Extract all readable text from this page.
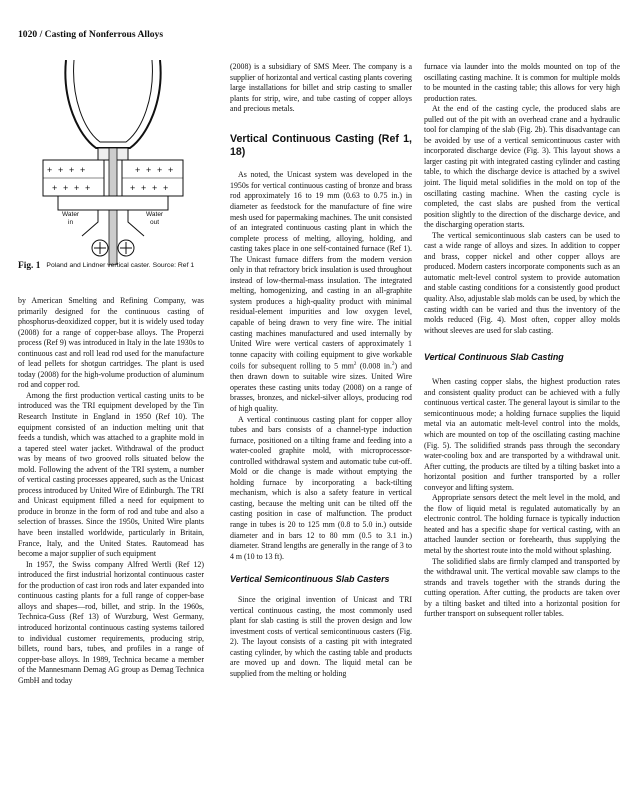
1020 / Casting of Nonferrous Alloys
+ + + +	+ + + +
+ + + +	+ + + +
Water
in
Water
out
Fig. 1 Poland and Lindner vertical caster. Source: Ref 1

by American Smelting and Refining Company, was primarily designed for the continuous casting of phosphorus-deoxidized copper, but it is widely used today (2008) for a range of copper-base alloys. The Properzi process (Ref 9) was introduced in Italy in the late 1930s to continuous cast and roll lead rod used for the manufacture of lead pellets for shotgun cartridges. The plant is used today (2008) for the high-volume production of aluminum rod and copper rod.

Among the first production vertical casting units to be introduced was the TRI equipment developed by the Tin Research Institute in England in 1950 (Ref 10). The equipment consisted of an induction melting unit that feeds a tundish, which was attached to a graphite mold in a tapered steel water jacket. Withdrawal of the product was by means of two grooved rolls situated below the mold. Following the advent of the TRI system, a number of vertical casting processes appeared, such as the Unicast process introduced by United Wire of Edinburgh. The TRI and Unicast equipment filled a need for equipment to produce in bronze in the form of rod and tube and also a selection of brasses. Since the 1950s, United Wire plants have been installed worldwide, particularly in Britain, France, Italy, and the United States. Rautomead has become a major supplier of such equipment

In 1957, the Swiss company Alfred Wertli (Ref 12) introduced the first industrial horizontal continuous caster for the production of cast iron rods and later expanded into continuous casting plants for a full range of copper-base alloys and shapes—rod, billet, and strip. In the 1960s, Technica-Guss (Ref 13) of Wurzburg, West Germany, introduced horizontal continuous casting systems tailored to individual customer requirements, producing strip, billets, round bars, tubes, and profiles in a range of copper-base alloys. In 1989, Technica became a member of the Mannesmann Demag AG group as Demag Technica GmbH and today

(2008) is a subsidiary of SMS Meer. The company is a supplier of horizontal and vertical casting plants covering large installations for billet and strip casting to smaller plants for strip, wire, and tube casting of copper alloys and precious metals.

Vertical Continuous Casting (Ref 1, 18)

As noted, the Unicast system was developed in the 1950s for vertical continuous casting of bronze and brass rod approximately 16 to 19 mm (0.63 to 0.75 in.) in diameter as feedstock for the manufacture of fine wire mesh used for papermaking machines. The unit consisted of an integrated continuous casting plant in which the complete process of melting, alloying, holding, and casting takes place in one self-contained furnace (Ref 1). The Unicast furnace differs from the modern version only in that refractory brick insulation is used throughout instead of low-thermal-mass insulation. The integrated melting, homogenizing, and casting in an all-graphite system produces a high-quality product with minimal residual-element impurities and low oxygen level, capable of being drawn to very fine wire. The initial casting machines manufactured and used internally by United Wire were vertical casters of approximately 1 tonne capacity with coiling equipment to give workable coils for subsequent rolling to 5 $mm^2$ (0.008 in.$^2$) and then drawn down to suitable wire sizes. United Wire operates these casting units today (2008) on a range of brasses, bronzes, and nickel-silver alloys, producing rod of high quality.

A vertical continuous casting plant for copper alloy tubes and bars consists of a channel-type induction furnace, positioned on a tilting frame and feeding into a water-cooled graphite mold, with microprocessor-controlled withdrawal system and automatic tube cut-off. Mold or die change is made without emptying the holding furnace by incorporating a back-tilting mechanism, which is also a safety feature in vertical casting, because the melting unit can be tilted off the casting position in case of malfunction. The product range in tubes is 20 to 125 mm (0.8 to 5.0 in.) outside diameter and in bars 12 to 80 mm (0.5 to 3.1 in.) diameter. Strand lengths are generally in the range of 3 to 4 m (10 to 13 ft).

Vertical Semicontinuous Slab Casters

Since the original invention of Unicast and TRI vertical continuous casting, the most commonly used plant for slab casting is still the proven design and low investment costs of vertical semicontinuous casters (Fig. 2). The layout consists of a casting pit with integrated casting cylinder, by which the casting table and products are moved up and down. The liquid metal can be supplied from the melting or holding

furnace via launder into the molds mounted on top of the oscillating casting machine. It is common for multiple molds to be mounted in the casting table; this allows for very high production rates.

At the end of the casting cycle, the produced slabs are pulled out of the pit with an overhead crane and a hydraulic tool for clamping of the slab (Fig. 2b). This disadvantage can be avoided by use of a vertical semicontinuous caster with incorporated discharge device (Fig. 3). This layout shows a larger casting pit with integrated casting cylinder and casting table, to which the discharge device is attached by a swivel joint. The liquid metal solidifies in the mold on top of the oscillating casting machine. When the casting cycle is completed, the cast slabs are pushed from the vertical position slightly to the direction of the discharge device, and the discharging operation starts.

The vertical semicontinuous slab casters can be used to cast a wide range of alloys and sizes. In addition to copper and brass, copper nickel and other copper alloys are produced. Modern casters incorporate components such as an automatic melt-level control system to provide automation and stable casting conditions for a consistently good product quality. Also, adjustable slab molds can be used, by which the casting width can be varied and thus the inventory of the molds reduced (Fig. 4). Most often, copper alloy molds without sleeves are used for slab casting.

Vertical Continuous Slab Casting

When casting copper slabs, the highest production rates and consistent quality product can be achieved with a fully continuous vertical caster. The general layout is similar to the semicontinuous mode; a holding furnace supplies the liquid metal via an automatic melt-level control into the molds, which are mounted on top of the oscillating casting machine (Fig. 5). The solidified strands pass through the secondary water-cooling box and are transported by a withdrawal unit. After cutting, the products are tilted by a tilting basket into a horizontal position and further transported by a roller conveyor and lifting system.

Appropriate sensors detect the melt level in the mold, and the flow of liquid metal is regulated automatically by an electronic control. The holding furnace is typically induction heated and has a specific shape for vertical casting, with an attached launder section or forehearth, thus supplying the metal by the shortest route into the mold without splashing.

The solidified slabs are firmly clamped and transported by the withdrawal unit. The vertical movable saw clamps to the strands and travels together with the strands during the cutting operation. After cutting, the products are taken over by a tilting basket and tilted into a horizontal position for further transport on subsequent roller tables.
